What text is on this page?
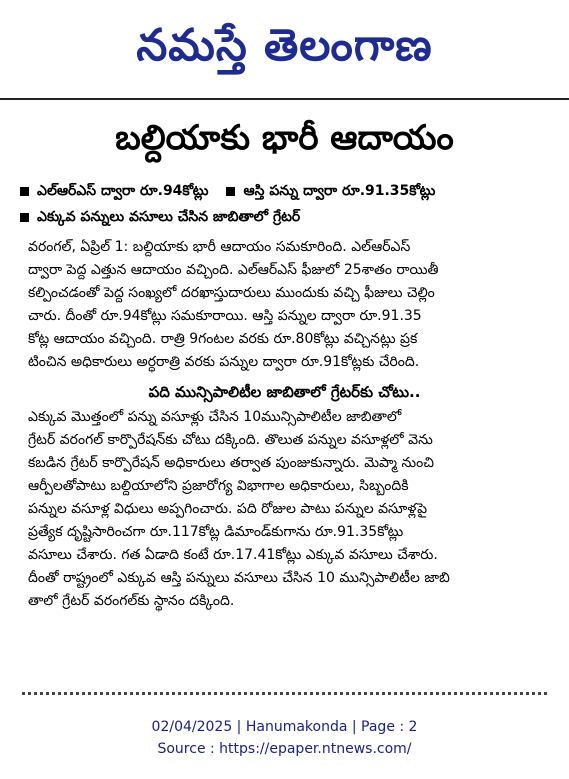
నమస్తే తెలంగాణ
బల్దియాకు భారీ ఆదాయం
ఎల్ఆర్ఎస్ ద్వారా రూ.94కోట్లు	ఆస్తి పన్ను ద్వారా రూ.91.35కోట్లు
ఎక్కువ పన్నులు వసూలు చేసిన జాబితాలో గ్రేటర్
వరంగల్, ఏప్రిల్ 1: బల్దియాకు భారీ ఆదాయం సమకూరింది. ఎల్ఆర్ఎస్
ద్వారా పెద్ద ఎత్తున ఆదాయం వచ్చింది. ఎల్ఆర్ఎస్ ఫీజులో 25శాతం రాయితీ
కల్పించడంతో పెద్ద సంఖ్యలో దరఖాస్తుదారులు ముందుకు వచ్చి ఫీజులు చెల్లిం
చారు. దీంతో రూ.94కోట్లు సమకూరాయి. ఆస్తి పన్నుల ద్వారా రూ.91.35
కోట్ల ఆదాయం వచ్చింది. రాత్రి 9గంటల వరకు రూ.80కోట్లు వచ్చినట్లు ప్రక
టించిన అధికారులు అర్ధరాత్రి వరకు పన్నుల ద్వారా రూ.91కోట్లకు చేరింది.
పది మున్సిపాలిటీల జాబితాలో గ్రేటర్‌కు చోటు..
ఎక్కువ మొత్తంలో పన్ను వసూళ్లు చేసిన 10మున్సిపాలిటీల జాబితాలో
గ్రేటర్ వరంగల్ కార్పొరేషన్‌కు చోటు దక్కింది. తొలుత పన్నుల వసూళ్లలో వెను
కబడిన గ్రేటర్ కార్పొరేషన్ అధికారులు తర్వాత పుంజుకున్నారు. మెప్మా నుంచి
ఆర్పీలతోపాటు బల్దియాలోని ప్రజారోగ్య విభాగాల అధికారులు, సిబ్బందికి
పన్నుల వసూళ్ల విధులు అప్పగించారు. పది రోజుల పాటు పన్నుల వసూళ్లపై
ప్రత్యేక దృష్టిసారించగా రూ.117కోట్ల డిమాండ్‌కుగాను రూ.91.35కోట్లు
వసూలు చేశారు. గత ఏడాది కంటే రూ.17.41కోట్లు ఎక్కువ వసూలు చేశారు.
దీంతో రాష్ట్రంలో ఎక్కువ ఆస్తి పన్నులు వసూలు చేసిన 10 మున్సిపాలిటీల జాబి
తాలో గ్రేటర్ వరంగల్‌కు స్థానం దక్కింది.
02/04/2025 | Hanumakonda | Page : 2
Source : https://epaper.ntnews.com/
